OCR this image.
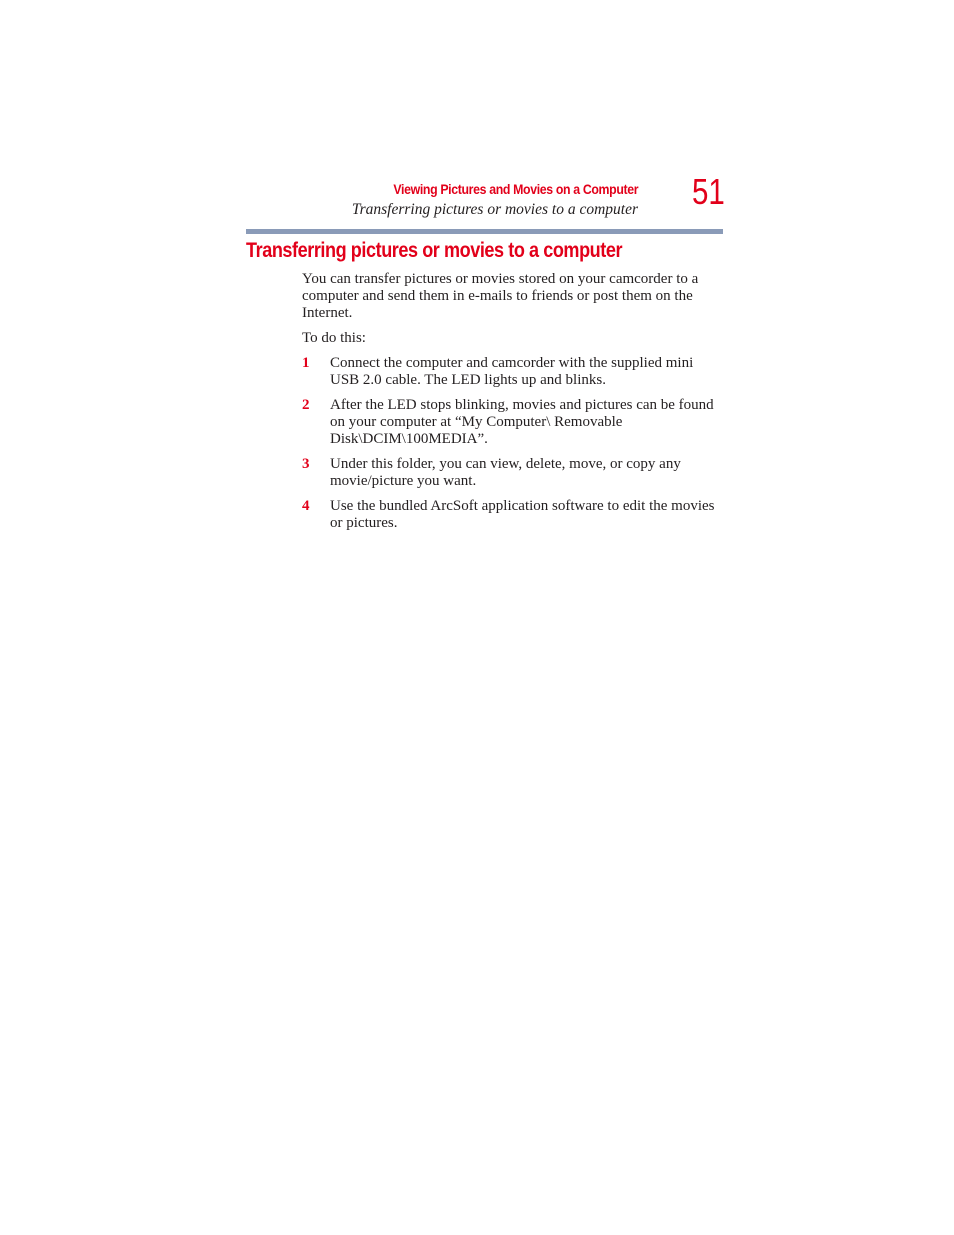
Viewing Pictures and Movies on a Computer
Transferring pictures or movies to a computer 51
Transferring pictures or movies to a computer

You can transfer pictures or movies stored on your camcorder to a computer and send them in e-mails to friends or post them on the Internet.

To do this:

1 Connect the computer and camcorder with the supplied mini USB 2.0 cable. The LED lights up and blinks.
2 After the LED stops blinking, movies and pictures can be found on your computer at “My Computer\ Removable Disk\DCIM\100MEDIA”.
3 Under this folder, you can view, delete, move, or copy any movie/picture you want.
4 Use the bundled ArcSoft application software to edit the movies or pictures.
